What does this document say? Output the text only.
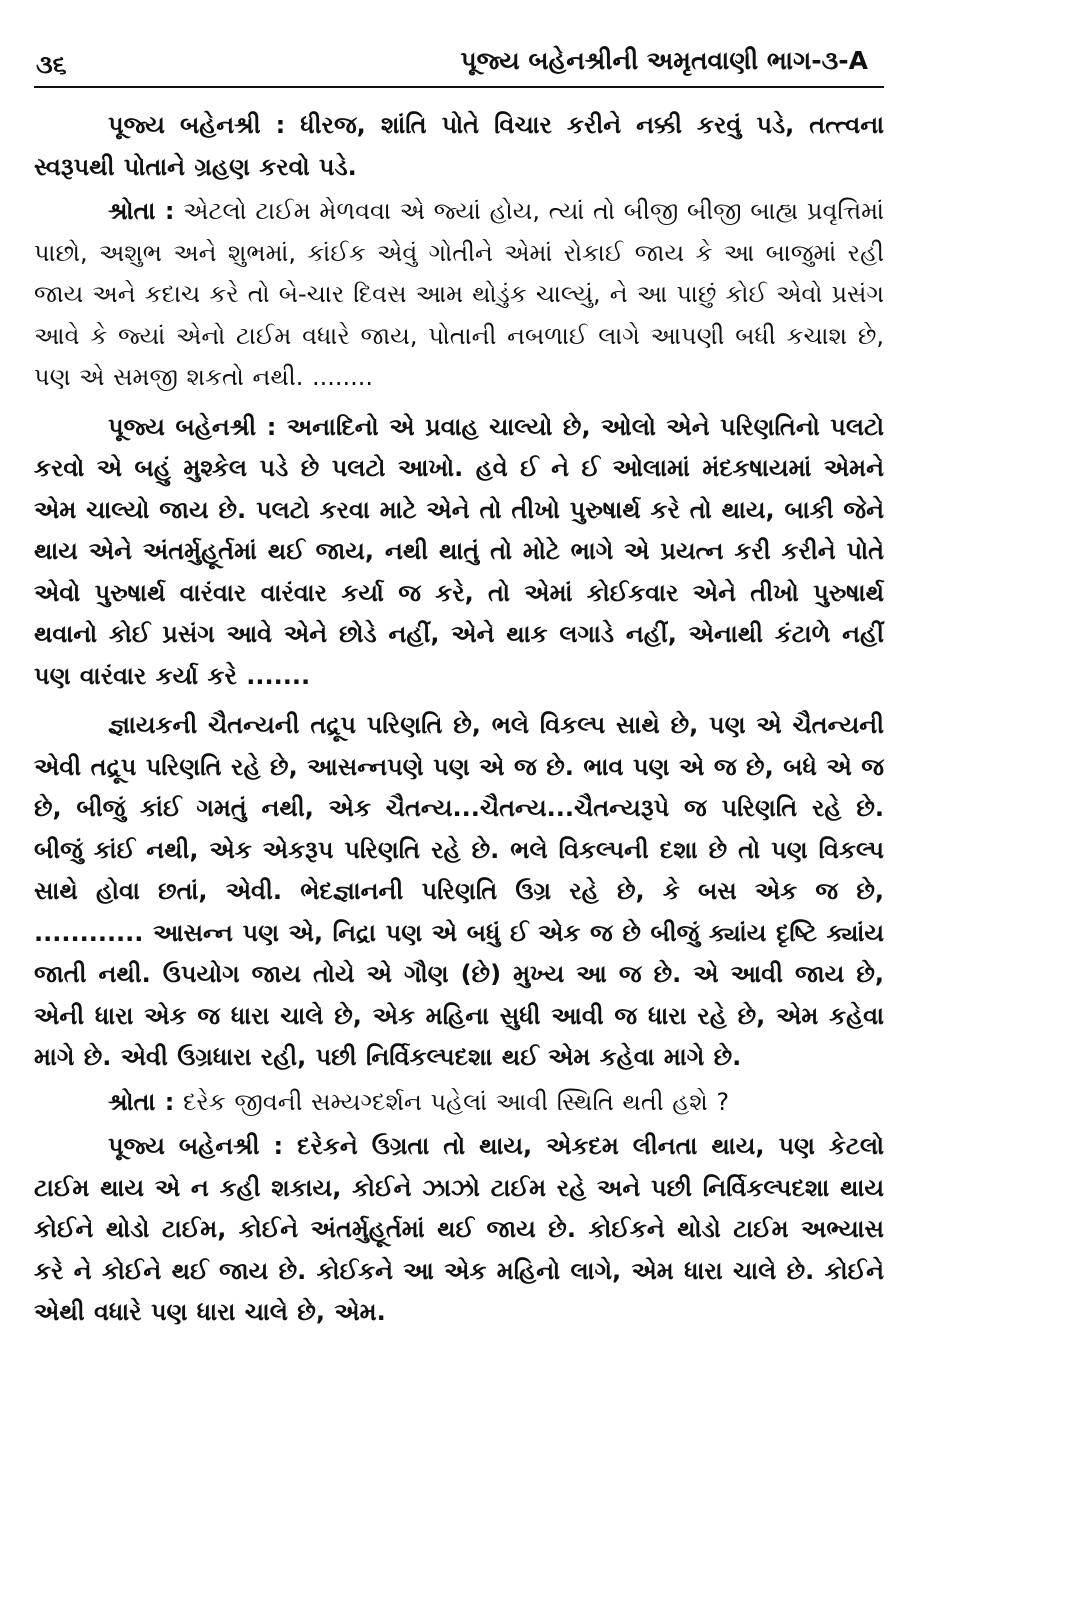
૩૬	પૂજ્ય બહેનશ્રીની અમૃતવાણી ભાગ-૩-A

પૂજ્ય બહેનશ્રી : ધીરજ, શાંતિ પોતે વિચાર કરીને નક્કી કરવું પડે, તત્ત્વના સ્વરૂપથી પોતાને ગ્રહણ કરવો પડે.

શ્રોતા : એટલો ટાઈમ મેળવવા એ જ્યાં હોય, ત્યાં તો બીજી બીજી બાહ્ય પ્રવૃત્તિમાં પાછો, અશુભ અને શુભમાં, કાંઈક એવું ગોતીને એમાં રોકાઈ જાય કે આ બાજુમાં રહી જાય અને કદાચ કરે તો બે-ચાર દિવસ આમ થોડુંક ચાલ્યું, ને આ પાછું કોઈ એવો પ્રસંગ આવે કે જ્યાં એનો ટાઈમ વધારે જાય, પોતાની નબળાઈ લાગે આપણી બધી કચાશ છે, પણ એ સમજી શકતો નથી. ........

પૂજ્ય બહેનશ્રી : અનાદિનો એ પ્રવાહ ચાલ્યો છે, ઓલો એને પરિણતિનો પલટો કરવો એ બહું મુશ્કેલ પડે છે પલટો આખો. હવે ઈ ને ઈ ઓલામાં મંદકષાયમાં એમને એમ ચાલ્યો જાય છે. પલટો કરવા માટે એને તો તીખો પુરુષાર્થ કરે તો થાય, બાકી જેને થાય એને અંતર્મુહૂર્તમાં થઈ જાય, નથી થાતું તો મોટે ભાગે એ પ્રયત્ન કરી કરીને પોતે એવો પુરુષાર્થ વારંવાર વારંવાર કર્યા જ કરે, તો એમાં કોઈકવાર એને તીખો પુરુષાર્થ થવાનો કોઈ પ્રસંગ આવે એને છોડે નહીં, એને થાક લગાડે નહીં, એનાથી કંટાળે નહીં પણ વારંવાર કર્યા કરે .......

જ્ઞાયકની ચૈતન્યની તદ્રૂપ પરિણતિ છે, ભલે વિકલ્પ સાથે છે, પણ એ ચૈતન્યની એવી તદ્રૂપ પરિણતિ રહે છે, આસન્નપણે પણ એ જ છે. ભાવ પણ એ જ છે, બધે એ જ છે, બીજું કાંઈ ગમતું નથી, એક ચૈતન્ય...ચૈતન્ય...ચૈતન્યરૂપે જ પરિણતિ રહે છે. બીજું કાંઈ નથી, એક એકરૂપ પરિણતિ રહે છે. ભલે વિકલ્પની દશા છે તો પણ વિકલ્પ સાથે હોવા છતાં, એવી. ભેદજ્ઞાનની પરિણતિ ઉગ્ર રહે છે, કે બસ એક જ છે, ............ આસન્ન પણ એ, નિદ્રા પણ એ બધું ઈ એક જ છે બીજું ક્યાંય દૃષ્ટિ ક્યાંય જાતી નથી. ઉપયોગ જાય તોયે એ ગૌણ (છે) મુખ્ય આ જ છે. એ આવી જાય છે, એની ધારા એક જ ધારા ચાલે છે, એક મહિના સુધી આવી જ ધારા રહે છે, એમ કહેવા માગે છે. એવી ઉગ્રધારા રહી, પછી નિર્વિકલ્પદશા થઈ એમ કહેવા માગે છે.

શ્રોતા : દરેક જીવની સમ્યગ્દર્શન પહેલાં આવી સ્થિતિ થતી હશે ?

પૂજ્ય બહેનશ્રી : દરેકને ઉગ્રતા તો થાય, એકદમ લીનતા થાય, પણ કેટલો ટાઈમ થાય એ ન કહી શકાય, કોઈને ઝાઝો ટાઈમ રહે અને પછી નિર્વિકલ્પદશા થાય કોઈને થોડો ટાઈમ, કોઈને અંતર્મુહૂર્તમાં થઈ જાય છે. કોઈકને થોડો ટાઈમ અભ્યાસ કરે ને કોઈને થઈ જાય છે. કોઈકને આ એક મહિનો લાગે, એમ ધારા ચાલે છે. કોઈને એથી વધારે પણ ધારા ચાલે છે, એમ.
